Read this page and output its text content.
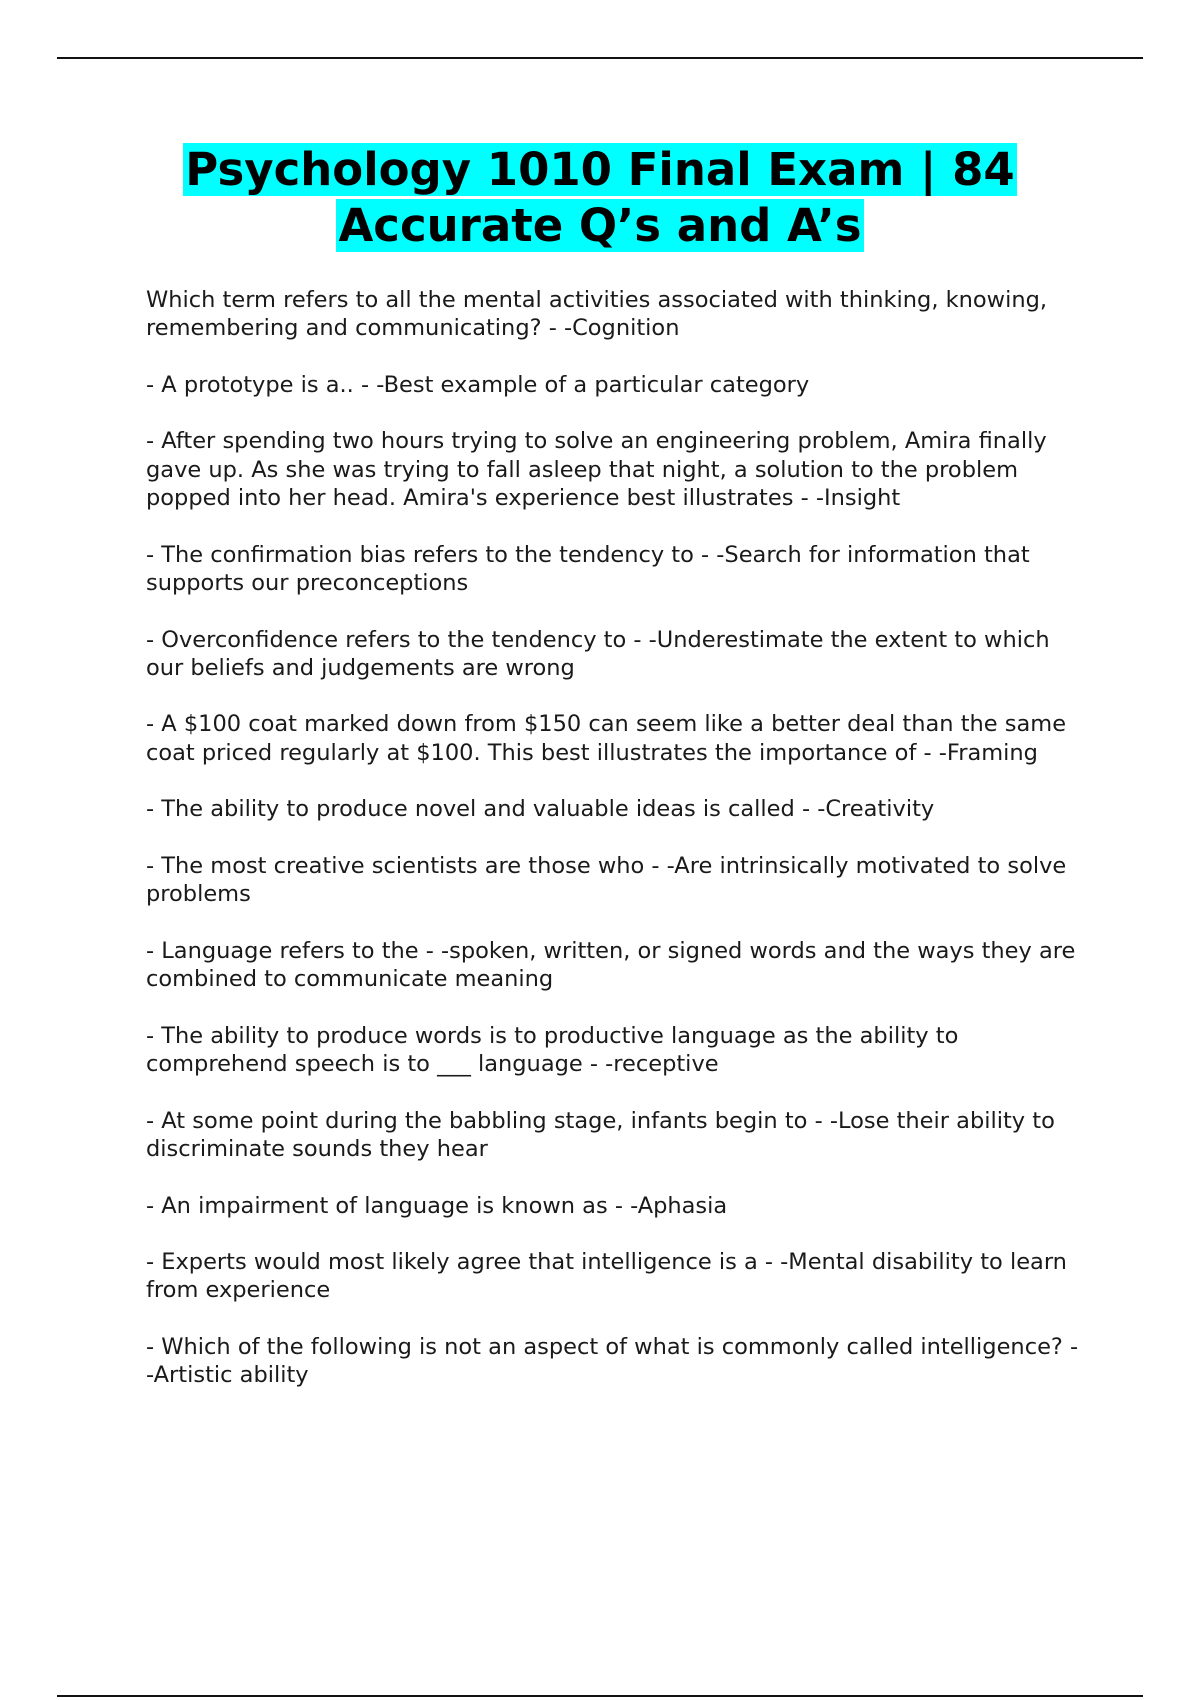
Psychology 1010 Final Exam | 84
Accurate Q’s and A’s
Which term refers to all the mental activities associated with thinking, knowing, remembering and communicating? - -Cognition
- A prototype is a.. - -Best example of a particular category
- After spending two hours trying to solve an engineering problem, Amira finally gave up. As she was trying to fall asleep that night, a solution to the problem popped into her head. Amira's experience best illustrates - -Insight
- The confirmation bias refers to the tendency to - -Search for information that supports our preconceptions
- Overconfidence refers to the tendency to - -Underestimate the extent to which our beliefs and judgements are wrong
- A $100 coat marked down from $150 can seem like a better deal than the same coat priced regularly at $100. This best illustrates the importance of - -Framing
- The ability to produce novel and valuable ideas is called - -Creativity
- The most creative scientists are those who - -Are intrinsically motivated to solve problems
- Language refers to the - -spoken, written, or signed words and the ways they are combined to communicate meaning
- The ability to produce words is to productive language as the ability to comprehend speech is to ___ language - -receptive
- At some point during the babbling stage, infants begin to - -Lose their ability to discriminate sounds they hear
- An impairment of language is known as - -Aphasia
- Experts would most likely agree that intelligence is a - -Mental disability to learn from experience
- Which of the following is not an aspect of what is commonly called intelligence? - -Artistic ability
